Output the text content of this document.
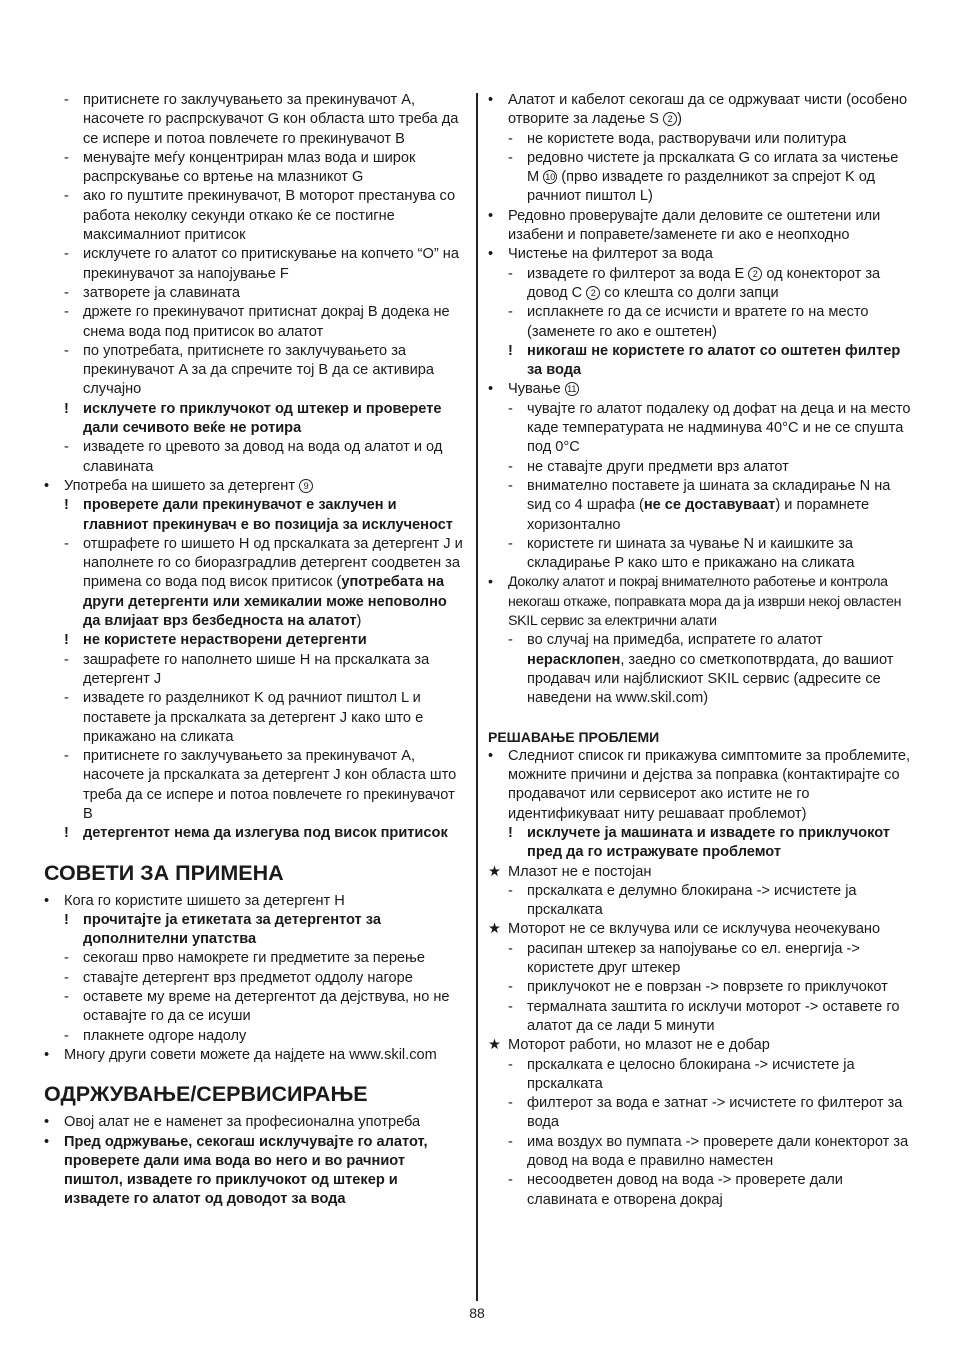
- притиснете го заклучувањето за прекинувачот A, насочете го распрскувачот G кон областа што треба да се испере и потоа повлечете го прекинувачот B
- менувајте меѓу концентриран млаз вода и широк распрскување со вртење на млазникот G
- ако го пуштите прекинувачот, B моторот престанува со работа неколку секунди откако ќе се постигне максималниот притисок
- исклучете го алатот со притискување на копчето “O” на прекинувачот за напојување F
- затворете ја славината
- држете го прекинувачот притиснат докрај B додека не снема вода под притисок во алатот
- по употребата, притиснете го заклучувањето за прекинувачот A за да спречите тој B да се активира случајно
! исклучете го приклучокот од штекер и проверете дали сечивото веќе не ротира
- извадете го цревото за довод на вода од алатот и од славината
•	Употреба на шишето за детергент 9
! проверете дали прекинувачот е заклучен и главниот прекинувач е во позиција за исклученост
- отшрафете го шишето H од прскалката за детергент J и наполнете го со биоразградлив детергент соодветен за примена со вода под висок притисок (употребата на други детергенти или хемикалии може неповолно да влијаат врз безбедноста на алатот)
! не користете нерастворени детергенти
- зашрафете го наполнето шише H на прскалката за детергент J
- извадете го разделникот K од рачниот пиштол L и поставете ја прскалката за детергент J како што е прикажано на сликата
- притиснете го заклучувањето за прекинувачот A, насочете ја прскалката за детергент J кон областа што треба да се испере и потоа повлечете го прекинувачот B
! детергентот нема да излегува под висок притисок
СОВЕТИ ЗА ПРИМЕНА
•	Кога го користите шишето за детергент H
! прочитајте ја етикетата за детергентот за дополнителни упатства
- секогаш прво намокрете ги предметите за перење
- ставајте детергент врз предметот оддолу нагоре
- оставете му време на детергентот да дејствува, но не оставајте го да се исуши
- плакнете одгоре надолу
•	Многу други совети можете да најдете на www.skil.com
ОДРЖУВАЊЕ/СЕРВИСИРАЊЕ
•	Овој алат не е наменет за професионална употреба
•	Пред одржување, секогаш исклучувајте го алатот, проверете дали има вода во него и во рачниот пиштол, извадете го приклучокот од штекер и извадете го алатот од доводот за вода
•	Алатот и кабелот секогаш да се одржуваат чисти (особено отворите за ладење S 2 )
- не користете вода, растворувачи или политура
- редовно чистете ја прскалката G со иглата за чистење M 10 (прво извадете го разделникот за спрејот K од рачниот пиштол L)
•	Редовно проверувајте дали деловите се оштетени или изабени и поправете/заменете ги ако е неопходно
•	Чистење на филтерот за вода
- извадете го филтерот за вода E 2 од конекторот за довод C 2 со клешта со долги запци
- исплакнете го да се исчисти и вратете го на место (заменете го ако е оштетен)
! никогаш не користете го алатот со оштетен филтер за вода
•	Чување 11
- чувајте го алатот подалеку од дофат на деца и на место каде температурата не надминува 40°C и не се спушта под 0°C
- не ставајте други предмети врз алатот
- внимателно поставете ја шината за складирање N на ѕид со 4 шрафа (не се доставуваат) и порамнете хоризонтално
- користете ги шината за чување N и каишките за складирање P како што е прикажано на сликата
•	Доколку алатот и покрај внимателното работење и контрола некогаш откаже, поправката мора да ја изврши некој овластен SKIL сервис за електрични алати
- во случај на примедба, испратете го алатот нерасклопен, заедно со сметкопотврдата, до вашиот продавач или најблискиот SKIL сервис (адресите се наведени на www.skil.com)
РЕШАВАЊЕ ПРОБЛЕМИ
•	Следниот список ги прикажува симптомите за проблемите, можните причини и дејства за поправка (контактирајте со продавачот или сервисерот ако истите не го идентификуваат ниту решаваат проблемот)
! исклучете ја машината и извадете го приклучокот пред да го истражувате проблемот
★ Млазот не е постојан
- прскалката е делумно блокирана -> исчистете ја прскалката
★ Моторот не се вклучува или се исклучува неочекувано
- расипан штекер за напојување со ел. енергија -> користете друг штекер
- приклучокот не е поврзан -> поврзете го приклучокот
- термалната заштита го исклучи моторот -> оставете го алатот да се лади 5 минути
★ Моторот работи, но млазот не е добар
- прскалката е целосно блокирана -> исчистете ја прскалката
- филтерот за вода е затнат -> исчистете го филтерот за вода
- има воздух во пумпата -> проверете дали конекторот за довод на вода е правилно наместен
- несоодветен довод на вода -> проверете дали славината е отворена докрај
88
